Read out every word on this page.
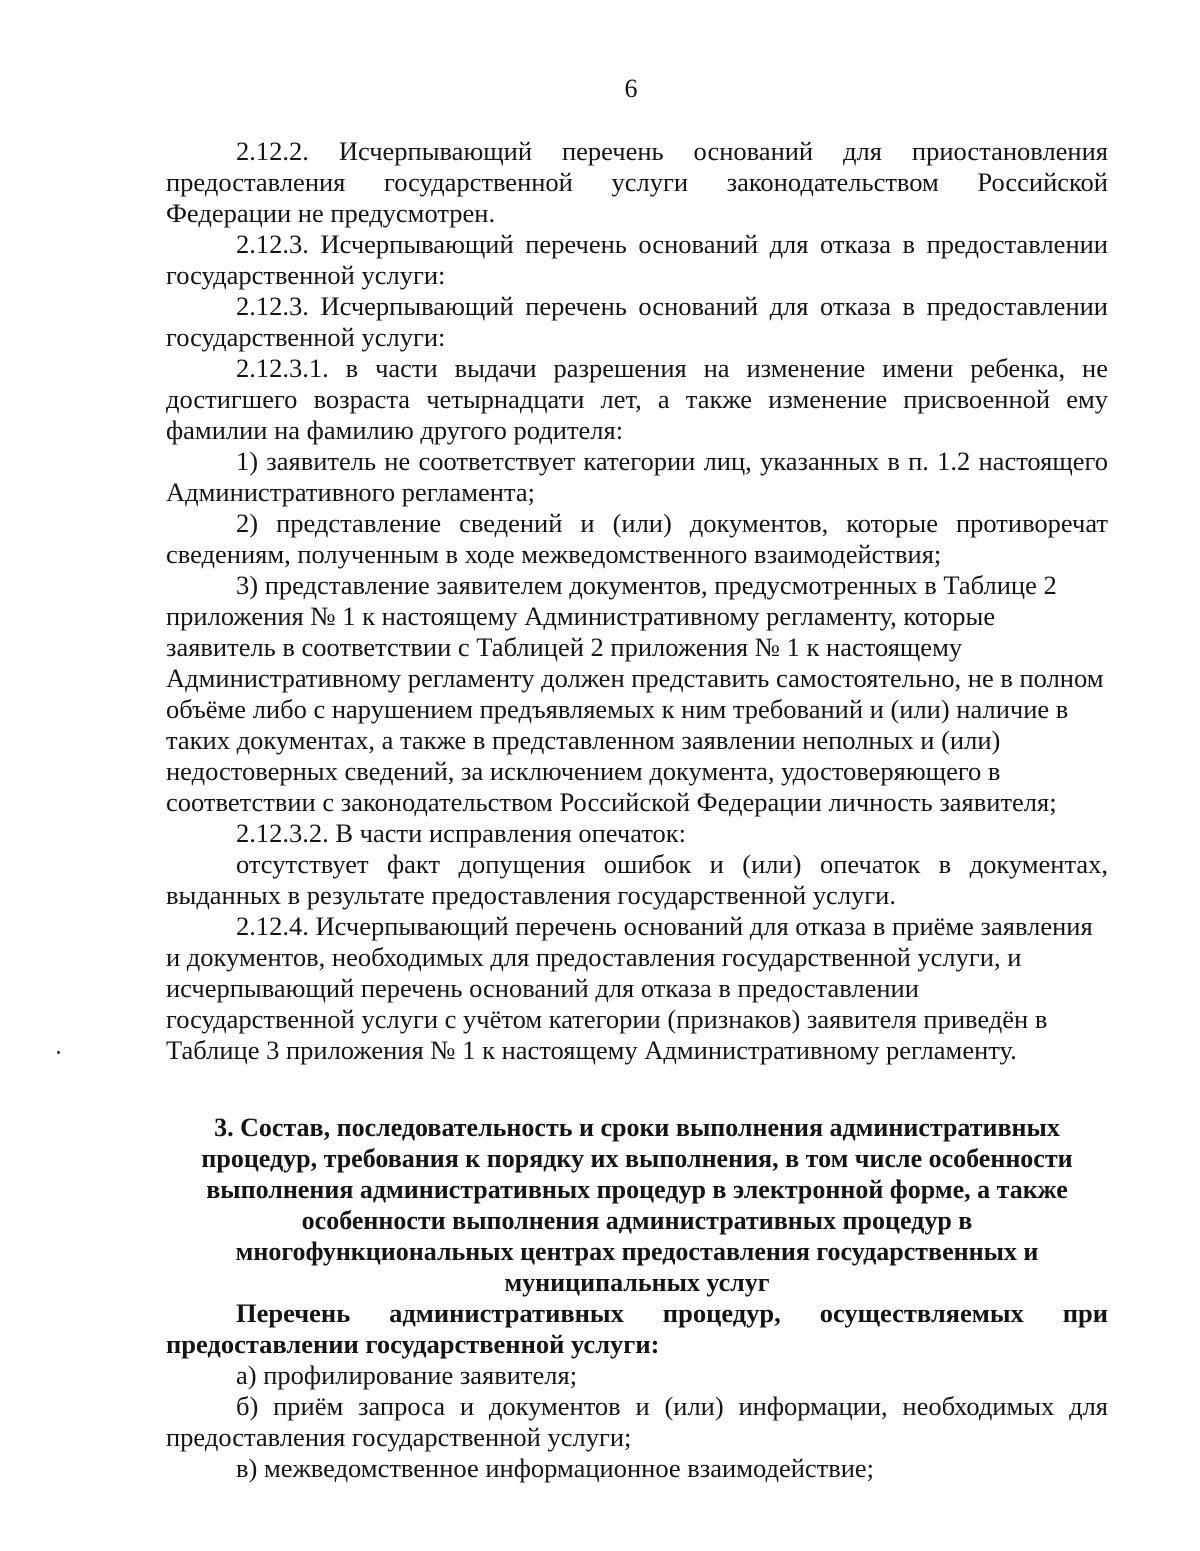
6

2.12.2. Исчерпывающий перечень оснований для приостановления предоставления государственной услуги законодательством Российской Федерации не предусмотрен.

2.12.3. Исчерпывающий перечень оснований для отказа в предоставлении государственной услуги:

2.12.3. Исчерпывающий перечень оснований для отказа в предоставлении государственной услуги:

2.12.3.1. в части выдачи разрешения на изменение имени ребенка, не достигшего возраста четырнадцати лет, а также изменение присвоенной ему фамилии на фамилию другого родителя:

1) заявитель не соответствует категории лиц, указанных в п. 1.2 настоящего Административного регламента;

2) представление сведений и (или) документов, которые противоречат сведениям, полученным в ходе межведомственного взаимодействия;

3) представление заявителем документов, предусмотренных в Таблице 2 приложения № 1 к настоящему Административному регламенту, которые заявитель в соответствии с Таблицей 2 приложения № 1 к настоящему Административному регламенту должен представить самостоятельно, не в полном объёме либо с нарушением предъявляемых к ним требований и (или) наличие в таких документах, а также в представленном заявлении неполных и (или) недостоверных сведений, за исключением документа, удостоверяющего в соответствии с законодательством Российской Федерации личность заявителя;

2.12.3.2. В части исправления опечаток:

отсутствует факт допущения ошибок и (или) опечаток в документах, выданных в результате предоставления государственной услуги.

2.12.4. Исчерпывающий перечень оснований для отказа в приёме заявления и документов, необходимых для предоставления государственной услуги, и исчерпывающий перечень оснований для отказа в предоставлении государственной услуги с учётом категории (признаков) заявителя приведён в Таблице 3 приложения № 1 к настоящему Административному регламенту.

3. Состав, последовательность и сроки выполнения административных процедур, требования к порядку их выполнения, в том числе особенности выполнения административных процедур в электронной форме, а также особенности выполнения административных процедур в многофункциональных центрах предоставления государственных и муниципальных услуг

Перечень административных процедур, осуществляемых при предоставлении государственной услуги:

а) профилирование заявителя;

б) приём запроса и документов и (или) информации, необходимых для предоставления государственной услуги;

в) межведомственное информационное взаимодействие;
